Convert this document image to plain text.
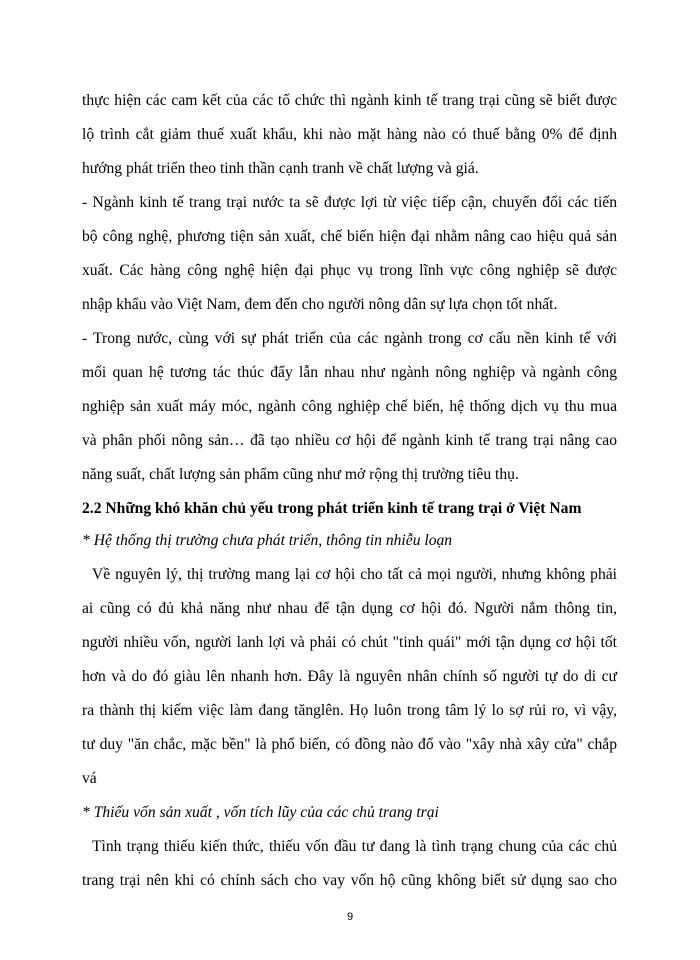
thực hiện các cam kết của các tổ chức thì ngành kinh tế trang trại cũng sẽ biết được
lộ trình cắt giảm thuế xuất khẩu, khi nào mặt hàng nào có thuế bằng 0% để định
hướng phát triển theo tinh thần cạnh tranh về chất lượng và giá.
- Ngành kinh tế trang trại nước ta sẽ được lợi từ việc tiếp cận, chuyển đổi các tiến
bộ công nghệ, phương tiện sản xuất, chế biến hiện đại nhằm nâng cao hiệu quả sản
xuất. Các hàng công nghệ hiện đại phục vụ trong lĩnh vực công nghiệp sẽ được
nhập khẩu vào Việt Nam, đem đến cho người nông dân sự lựa chọn tốt nhất.
- Trong nước, cùng với sự phát triển của các ngành trong cơ cấu nền kinh tế với
mối quan hệ tương tác thúc đẩy lẫn nhau như ngành nông nghiệp và ngành công
nghiệp sản xuất máy móc, ngành công nghiệp chế biến, hệ thống dịch vụ thu mua
và phân phối nông sản… đã tạo nhiều cơ hội để ngành kinh tế trang trại nâng cao
năng suất, chất lượng sản phẩm cũng như mở rộng thị trường tiêu thụ.
2.2 Những khó khăn chủ yếu trong phát triển kinh tế trang trại ở Việt Nam
* Hệ thống thị trường chưa phát triển, thông tin nhiễu loạn
Về nguyên lý, thị trường mang lại cơ hội cho tất cả mọi người, nhưng không phải
ai cũng có đủ khả năng như nhau để tận dụng cơ hội đó. Người nắm thông tin,
người nhiều vốn, người lanh lợi và phải có chút "tinh quái" mới tận dụng cơ hội tốt
hơn và do đó giàu lên nhanh hơn. Đây là nguyên nhân chính số người tự do di cư
ra thành thị kiếm việc làm đang tănglên. Họ luôn trong tâm lý lo sợ rủi ro, vì vậy,
tư duy "ăn chắc, mặc bền" là phổ biến, có đồng nào đổ vào "xây nhà xây cửa" chắp
vá
* Thiếu vốn sản xuất , vốn tích lũy của các chủ trang trại
Tình trạng thiếu kiến thức, thiếu vốn đầu tư đang là tình trạng chung của các chủ
trang trại nên khi có chính sách cho vay vốn hộ cũng không biết sử dụng sao cho
9
